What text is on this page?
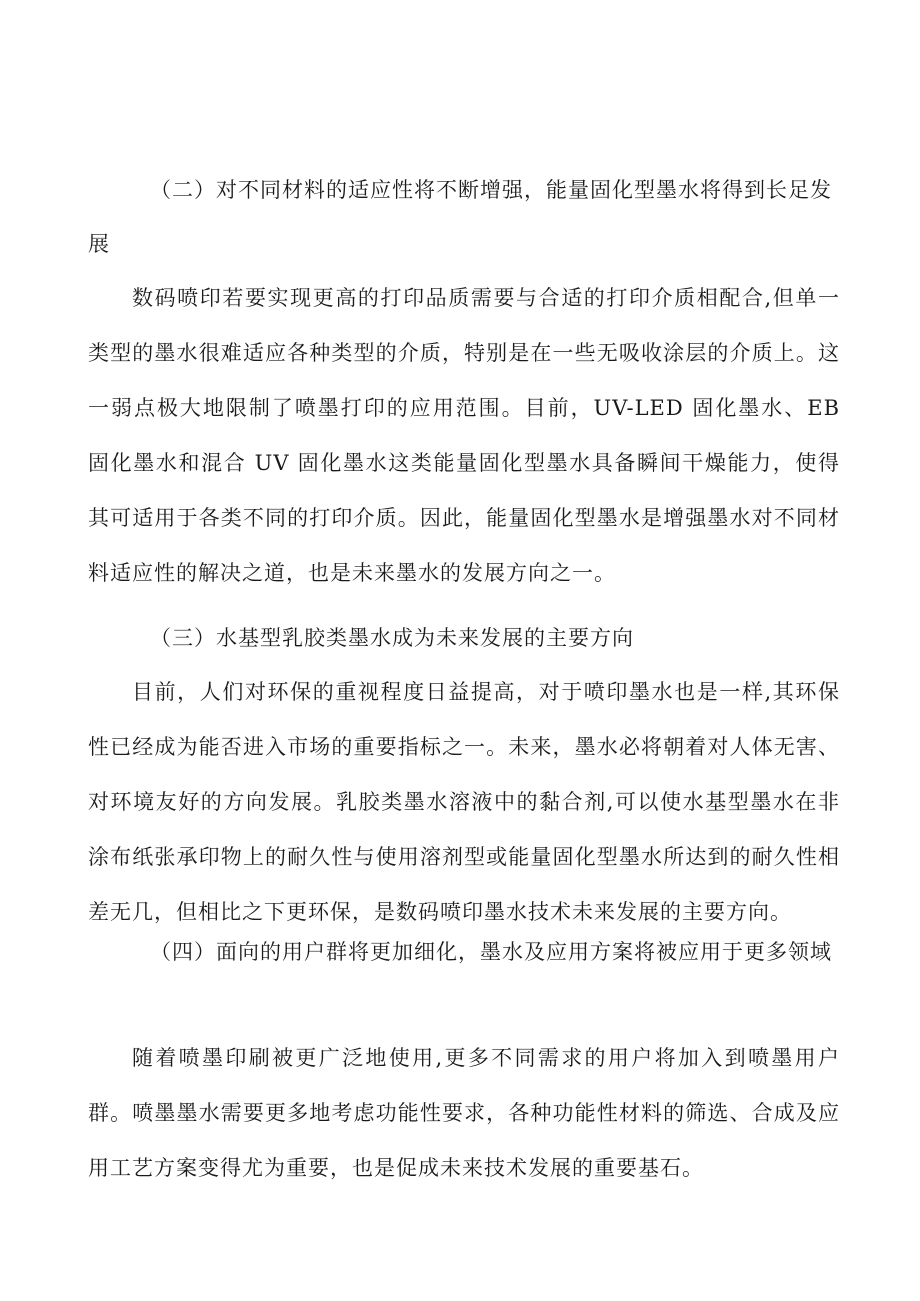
（二）对不同材料的适应性将不断增强，能量固化型墨水将得到长足发展

数码喷印若要实现更高的打印品质需要与合适的打印介质相配合,但单一类型的墨水很难适应各种类型的介质，特别是在一些无吸收涂层的介质上。这一弱点极大地限制了喷墨打印的应用范围。目前，UV-LED 固化墨水、EB 固化墨水和混合 UV 固化墨水这类能量固化型墨水具备瞬间干燥能力，使得其可适用于各类不同的打印介质。因此，能量固化型墨水是增强墨水对不同材料适应性的解决之道，也是未来墨水的发展方向之一。

（三）水基型乳胶类墨水成为未来发展的主要方向

目前，人们对环保的重视程度日益提高，对于喷印墨水也是一样,其环保性已经成为能否进入市场的重要指标之一。未来，墨水必将朝着对人体无害、对环境友好的方向发展。乳胶类墨水溶液中的黏合剂,可以使水基型墨水在非涂布纸张承印物上的耐久性与使用溶剂型或能量固化型墨水所达到的耐久性相差无几，但相比之下更环保，是数码喷印墨水技术未来发展的主要方向。

（四）面向的用户群将更加细化，墨水及应用方案将被应用于更多领域

随着喷墨印刷被更广泛地使用,更多不同需求的用户将加入到喷墨用户群。喷墨墨水需要更多地考虑功能性要求，各种功能性材料的筛选、合成及应用工艺方案变得尤为重要，也是促成未来技术发展的重要基石。
